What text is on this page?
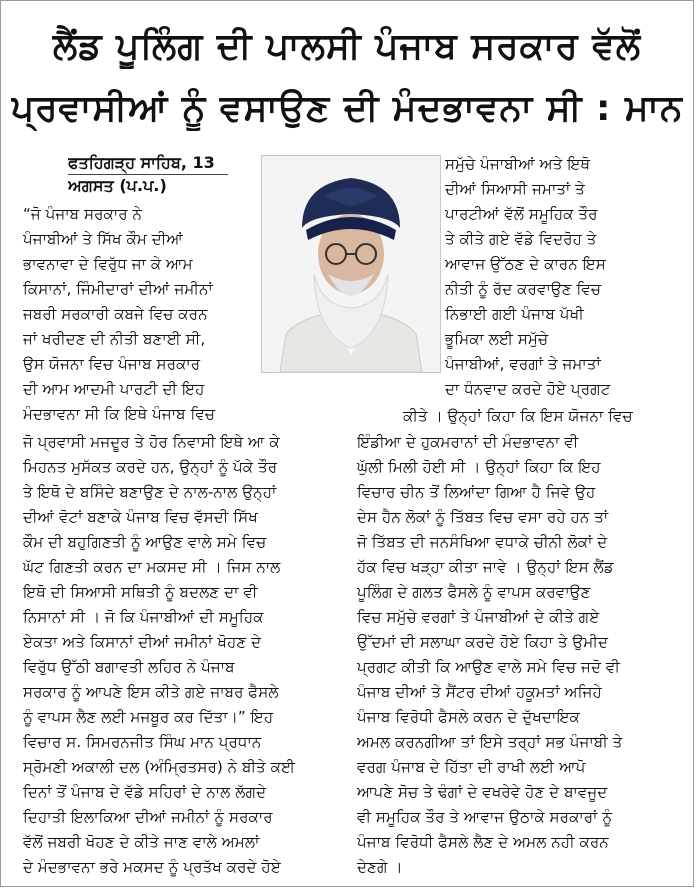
ਲੈਂਡ ਪੂਲਿੰਗ ਦੀ ਪਾਲਸੀ ਪੰਜਾਬ ਸਰਕਾਰ ਵੱਲੋਂ
ਪ੍ਰਵਾਸੀਆਂ ਨੂੰ ਵਸਾਉਣ ਦੀ ਮੰਦਭਾਵਨਾ ਸੀ : ਮਾਨ
ਫਤਹਿਗੜ੍ਹ ਸਾਹਿਬ, 13
ਅਗਸਤ (ਪ.ਪ.)
“ਜੋ ਪੰਜਾਬ ਸਰਕਾਰ ਨੇ
ਪੰਜਾਬੀਆਂ ਤੇ ਸਿੱਖ ਕੌਮ ਦੀਆਂ
ਭਾਵਨਾਵਾ ਦੇ ਵਿਰੁੱਧ ਜਾ ਕੇ ਆਮ
ਕਿਸਾਨਾਂ, ਜਿੰਮੀਦਾਰਾਂ ਦੀਆਂ ਜਮੀਨਾਂ
ਜਬਰੀ ਸਰਕਾਰੀ ਕਬਜੇ ਵਿਚ ਕਰਨ
ਜਾਂ ਖਰੀਦਣ ਦੀ ਨੀਤੀ ਬਣਾਈ ਸੀ,
ਉਸ ਯੋਜਨਾ ਵਿਚ ਪੰਜਾਬ ਸਰਕਾਰ
ਦੀ ਆਮ ਆਦਮੀ ਪਾਰਟੀ ਦੀ ਇਹ
ਮੰਦਭਾਵਨਾ ਸੀ ਕਿ ਇਥੇ ਪੰਜਾਬ ਵਿਚ
ਸਮੁੱਚੇ ਪੰਜਾਬੀਆਂ ਅਤੇ ਇਥੋ
ਦੀਆਂ ਸਿਆਸੀ ਜਮਾਤਾਂ ਤੇ
ਪਾਰਟੀਆਂ ਵੱਲੋਂ ਸਮੂਹਿਕ ਤੌਰ
ਤੇ ਕੀਤੇ ਗਏ ਵੱਡੇ ਵਿਦਰੋਹ ਤੇ
ਆਵਾਜ ਉੱਠਣ ਦੇ ਕਾਰਨ ਇਸ
ਨੀਤੀ ਨੂੰ ਰੱਦ ਕਰਵਾਉਣ ਵਿਚ
ਨਿਭਾਈ ਗਈ ਪੰਜਾਬ ਪੱਖੀ
ਭੂਮਿਕਾ ਲਈ ਸਮੁੱਚੇ
ਪੰਜਾਬੀਆਂ, ਵਰਗਾਂ ਤੇ ਜਮਾਤਾਂ
ਦਾ ਧੰਨਵਾਦ ਕਰਦੇ ਹੋਏ ਪ੍ਰਗਟ
ਕੀਤੇ । ਉਨ੍ਹਾਂ ਕਿਹਾ ਕਿ ਇਸ ਯੋਜਨਾ ਵਿਚ
ਜੋ ਪ੍ਰਵਾਸੀ ਮਜਦੂਰ ਤੇ ਹੋਰ ਨਿਵਾਸੀ ਇਥੇ ਆ ਕੇ
ਮਿਹਨਤ ਮੁਸੱਕਤ ਕਰਦੇ ਹਨ, ਉਨ੍ਹਾਂ ਨੂੰ ਪੱਕੇ ਤੌਰ
ਤੇ ਇਥੋ ਦੇ ਬਸਿੰਦੇ ਬਣਾਉਣ ਦੇ ਨਾਲ-ਨਾਲ ਉਨ੍ਹਾਂ
ਦੀਆਂ ਵੋਟਾਂ ਬਣਾਕੇ ਪੰਜਾਬ ਵਿਚ ਵੱਸਦੀ ਸਿੱਖ
ਕੌਮ ਦੀ ਬਹੁਗਿਣਤੀ ਨੂੰ ਆਉਣ ਵਾਲੇ ਸਮੇ ਵਿਚ
ਘੱਟ ਗਿਣਤੀ ਕਰਨ ਦਾ ਮਕਸਦ ਸੀ । ਜਿਸ ਨਾਲ
ਇਥੋ ਦੀ ਸਿਆਸੀ ਸਥਿਤੀ ਨੂੰ ਬਦਲਣ ਦਾ ਵੀ
ਨਿਸਾਨਾਂ ਸੀ । ਜੋ ਕਿ ਪੰਜਾਬੀਆਂ ਦੀ ਸਮੂਹਿਕ
ਏਕਤਾ ਅਤੇ ਕਿਸਾਨਾਂ ਦੀਆਂ ਜਮੀਨਾਂ ਖੋਹਣ ਦੇ
ਵਿਰੁੱਧ ਉੱਠੀ ਬਗਾਵਤੀ ਲਹਿਰ ਨੇ ਪੰਜਾਬ
ਸਰਕਾਰ ਨੂੰ ਆਪਣੇ ਇਸ ਕੀਤੇ ਗਏ ਜਾਬਰ ਫੈਸਲੇ
ਨੂੰ ਵਾਪਸ ਲੈਣ ਲਈ ਮਜਬੂਰ ਕਰ ਦਿੱਤਾ।” ਇਹ
ਵਿਚਾਰ ਸ. ਸਿਮਰਨਜੀਤ ਸਿੰਘ ਮਾਨ ਪ੍ਰਧਾਨ
ਸ੍ਰੋਮਣੀ ਅਕਾਲੀ ਦਲ (ਅੰਮ੍ਰਿਤਸਰ) ਨੇ ਬੀਤੇ ਕਈ
ਦਿਨਾਂ ਤੋਂ ਪੰਜਾਬ ਦੇ ਵੱਡੇ ਸਹਿਰਾਂ ਦੇ ਨਾਲ ਲੱਗਦੇ
ਦਿਹਾਤੀ ਇਲਾਕਿਆ ਦੀਆਂ ਜਮੀਨਾਂ ਨੂੰ ਸਰਕਾਰ
ਵੱਲੋਂ ਜਬਰੀ ਖੋਹਣ ਦੇ ਕੀਤੇ ਜਾਣ ਵਾਲੇ ਅਮਲਾਂ
ਦੇ ਮੰਦਭਾਵਨਾ ਭਰੇ ਮਕਸਦ ਨੂੰ ਪ੍ਰਤੱਖ ਕਰਦੇ ਹੋਏ
ਇੰਡੀਆ ਦੇ ਹੁਕਮਰਾਨਾਂ ਦੀ ਮੰਦਭਾਵਨਾ ਵੀ
ਘੁੱਲੀ ਮਿਲੀ ਹੋਈ ਸੀ । ਉਨ੍ਹਾਂ ਕਿਹਾ ਕਿ ਇਹ
ਵਿਚਾਰ ਚੀਨ ਤੋਂ ਲਿਆਂਦਾ ਗਿਆ ਹੈ ਜਿਵੇ ਉਹ
ਦੇਸ ਹੈਨ ਲੋਕਾਂ ਨੂੰ ਤਿੱਬਤ ਵਿਚ ਵਸਾ ਰਹੇ ਹਨ ਤਾਂ
ਜੋ ਤਿੱਬਤ ਦੀ ਜਨਸੰਖਿਆ ਵਧਾਕੇ ਚੀਨੀ ਲੋਕਾਂ ਦੇ
ਹੱਕ ਵਿਚ ਖੜ੍ਹਾ ਕੀਤਾ ਜਾਵੇ । ਉਨ੍ਹਾਂ ਇਸ ਲੈਂਡ
ਪੂਲਿੰਗ ਦੇ ਗਲਤ ਫੈਸਲੇ ਨੂੰ ਵਾਪਸ ਕਰਵਾਉਣ
ਵਿਚ ਸਮੁੱਚੇ ਵਰਗਾਂ ਤੇ ਪੰਜਾਬੀਆਂ ਦੇ ਕੀਤੇ ਗਏ
ਉੱਦਮਾਂ ਦੀ ਸਲਾਘਾ ਕਰਦੇ ਹੋਏ ਕਿਹਾ ਤੇ ਉਮੀਦ
ਪ੍ਰਗਟ ਕੀਤੀ ਕਿ ਆਉਣ ਵਾਲੇ ਸਮੇ ਵਿਚ ਜਦੋ ਵੀ
ਪੰਜਾਬ ਦੀਆਂ ਤੇ ਸੈਂਟਰ ਦੀਆਂ ਹਕੂਮਤਾਂ ਅਜਿਹੇ
ਪੰਜਾਬ ਵਿਰੋਧੀ ਫੈਸਲੇ ਕਰਨ ਦੇ ਦੁੱਖਦਾਇਕ
ਅਮਲ ਕਰਨਗੀਆ ਤਾਂ ਇਸੇ ਤਰ੍ਹਾਂ ਸਭ ਪੰਜਾਬੀ ਤੇ
ਵਰਗ ਪੰਜਾਬ ਦੇ ਹਿੱਤਾ ਦੀ ਰਾਖੀ ਲਈ ਆਪੋ
ਆਪਣੇ ਸੋਚ ਤੇ ਢੰਗਾਂ ਦੇ ਵਖਰੇਵੇ ਹੋਣ ਦੇ ਬਾਵਜੂਦ
ਵੀ ਸਮੂਹਿਕ ਤੌਰ ਤੇ ਆਵਾਜ ਉਠਾਕੇ ਸਰਕਾਰਾਂ ਨੂੰ
ਪੰਜਾਬ ਵਿਰੋਧੀ ਫੈਸਲੇ ਲੈਣ ਦੇ ਅਮਲ ਨਹੀ ਕਰਨ
ਦੇਣਗੇ ।
